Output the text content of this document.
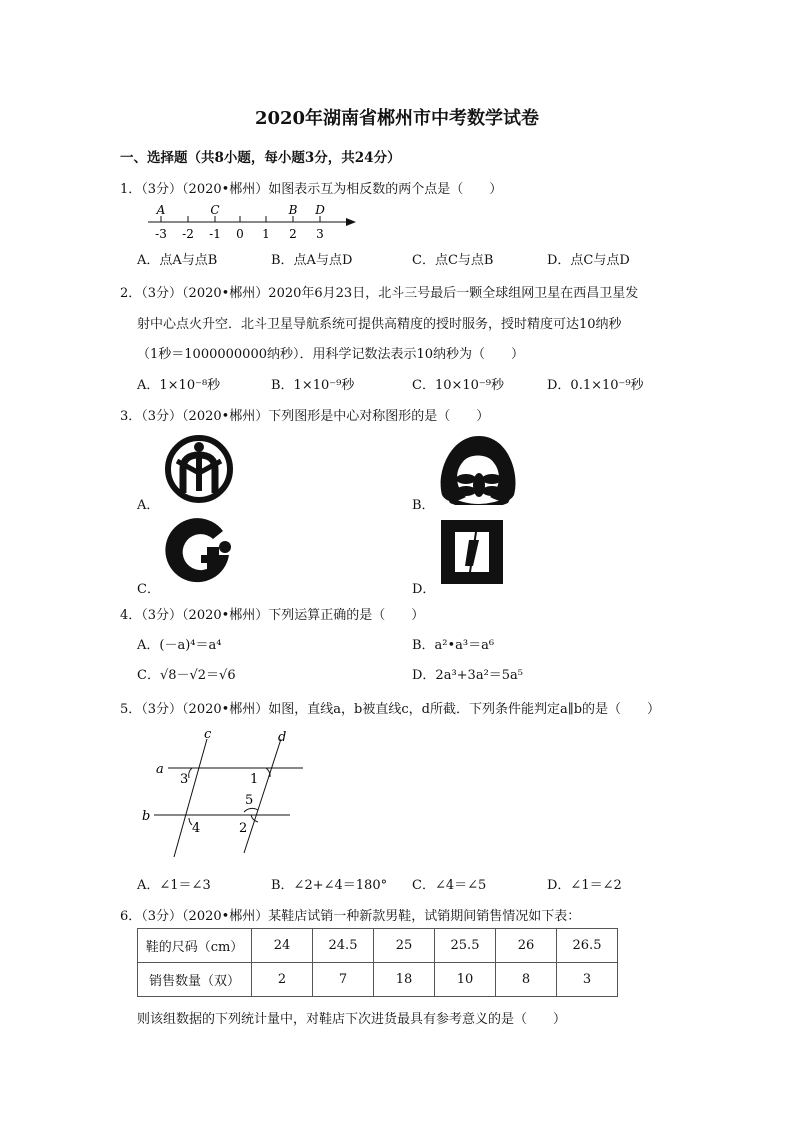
2020年湖南省郴州市中考数学试卷
一、选择题（共8小题，每小题3分，共24分）
1．（3分）（2020•郴州）如图表示互为相反数的两个点是（　　）
A	C	B D
-3 -2 -1 0 1 2 3
A．点A与点B	B．点A与点D	C．点C与点B	D．点C与点D
2．（3分）（2020•郴州）2020年6月23日，北斗三号最后一颗全球组网卫星在西昌卫星发
射中心点火升空．北斗卫星导航系统可提供高精度的授时服务，授时精度可达10纳秒
（1秒＝1000000000纳秒）．用科学记数法表示10纳秒为（　　）
A．1×10⁻⁸秒	B．1×10⁻⁹秒	C．10×10⁻⁹秒	D．0.1×10⁻⁹秒
3．（3分）（2020•郴州）下列图形是中心对称图形的是（　　）
A．	B．
C．	D．
4．（3分）（2020•郴州）下列运算正确的是（　　）
A．(－a)⁴＝a⁴	B．a²•a³＝a⁶
C．√8－√2＝√6	D．2a³+3a²＝5a⁵
5．（3分）（2020•郴州）如图，直线a，b被直线c，d所截．下列条件能判定a∥b的是（　　）
c	d
a
b
3	1
5
4	2
A．∠1＝∠3	B．∠2+∠4＝180° C．∠4＝∠5	D．∠1＝∠2
6．（3分）（2020•郴州）某鞋店试销一种新款男鞋，试销期间销售情况如下表：
鞋的尺码（cm）	24	24.5	25	25.5	26	26.5
销售数量（双）	2	7	18	10	8	3
则该组数据的下列统计量中，对鞋店下次进货最具有参考意义的是（　　）
